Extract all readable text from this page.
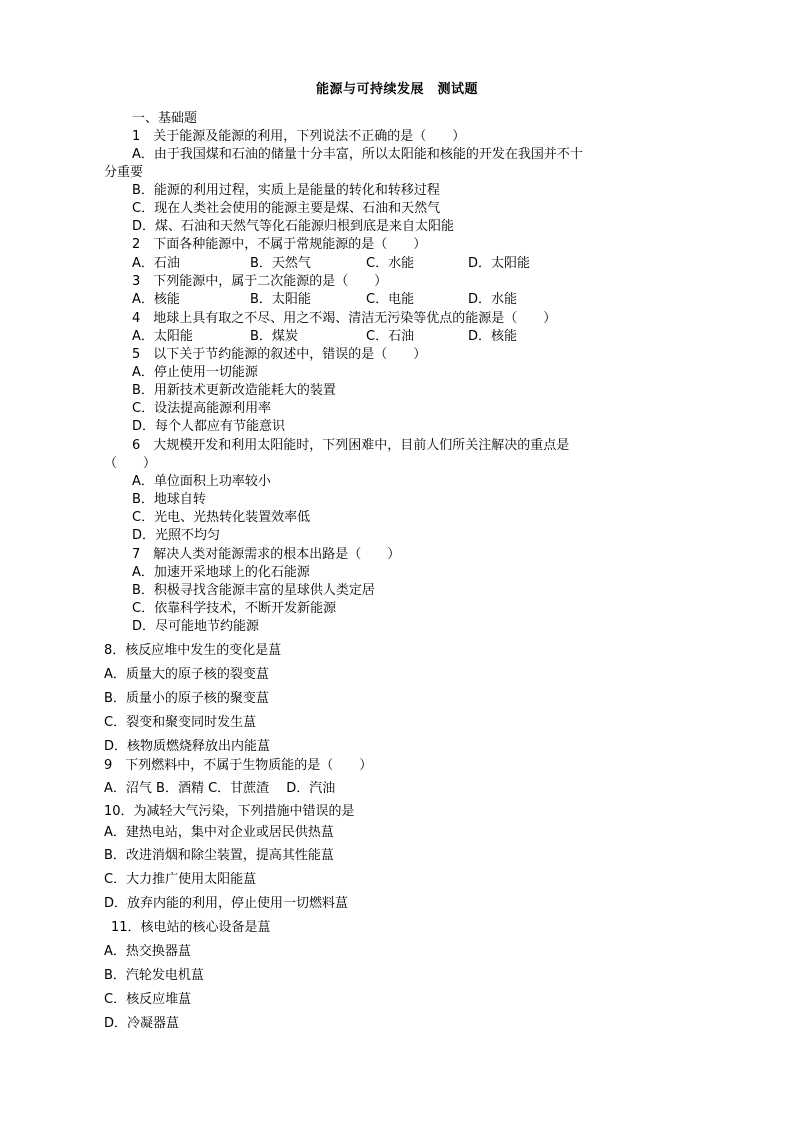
能源与可持续发展　测试题
一、基础题
1　关于能源及能源的利用，下列说法不正确的是（　　）
A．由于我国煤和石油的储量十分丰富，所以太阳能和核能的开发在我国并不十
分重要
B．能源的利用过程，实质上是能量的转化和转移过程
C．现在人类社会使用的能源主要是煤、石油和天然气
D．煤、石油和天然气等化石能源归根到底是来自太阳能
2　下面各种能源中，不属于常规能源的是（　　）
A．石油	B．天然气	C．水能	D．太阳能
3　下列能源中，属于二次能源的是（　　）
A．核能	B．太阳能	C．电能	D．水能
4　地球上具有取之不尽、用之不竭、清洁无污染等优点的能源是（　　）
A．太阳能	B．煤炭	C．石油	D．核能
5　以下关于节约能源的叙述中，错误的是（　　）
A．停止使用一切能源
B．用新技术更新改造能耗大的装置
C．设法提高能源利用率
D．每个人都应有节能意识
6　大规模开发和利用太阳能时，下列困难中，目前人们所关注解决的重点是
（　　）
A．单位面积上功率较小
B．地球自转
C．光电、光热转化装置效率低
D．光照不均匀
7　解决人类对能源需求的根本出路是（　　）
A．加速开采地球上的化石能源
B．积极寻找含能源丰富的星球供人类定居
C．依靠科学技术，不断开发新能源
D．尽可能地节约能源
8．核反应堆中发生的变化是蒀
A．质量大的原子核的裂变蒀
B．质量小的原子核的聚变蒀
C．裂变和聚变同时发生蒀
D．核物质燃烧释放出内能蒀
9　下列燃料中，不属于生物质能的是（　　）
A．沼气 B．酒精 C．甘蔗渣　 D．汽油
10．为减轻大气污染，下列措施中错误的是
A．建热电站，集中对企业或居民供热蒀
B．改进消烟和除尘装置，提高其性能蒀
C．大力推广使用太阳能蒀
D．放弃内能的利用，停止使用一切燃料蒀
11．核电站的核心设备是蒀
A．热交换器蒀
B．汽轮发电机蒀
C．核反应堆蒀
D．冷凝器蒀
